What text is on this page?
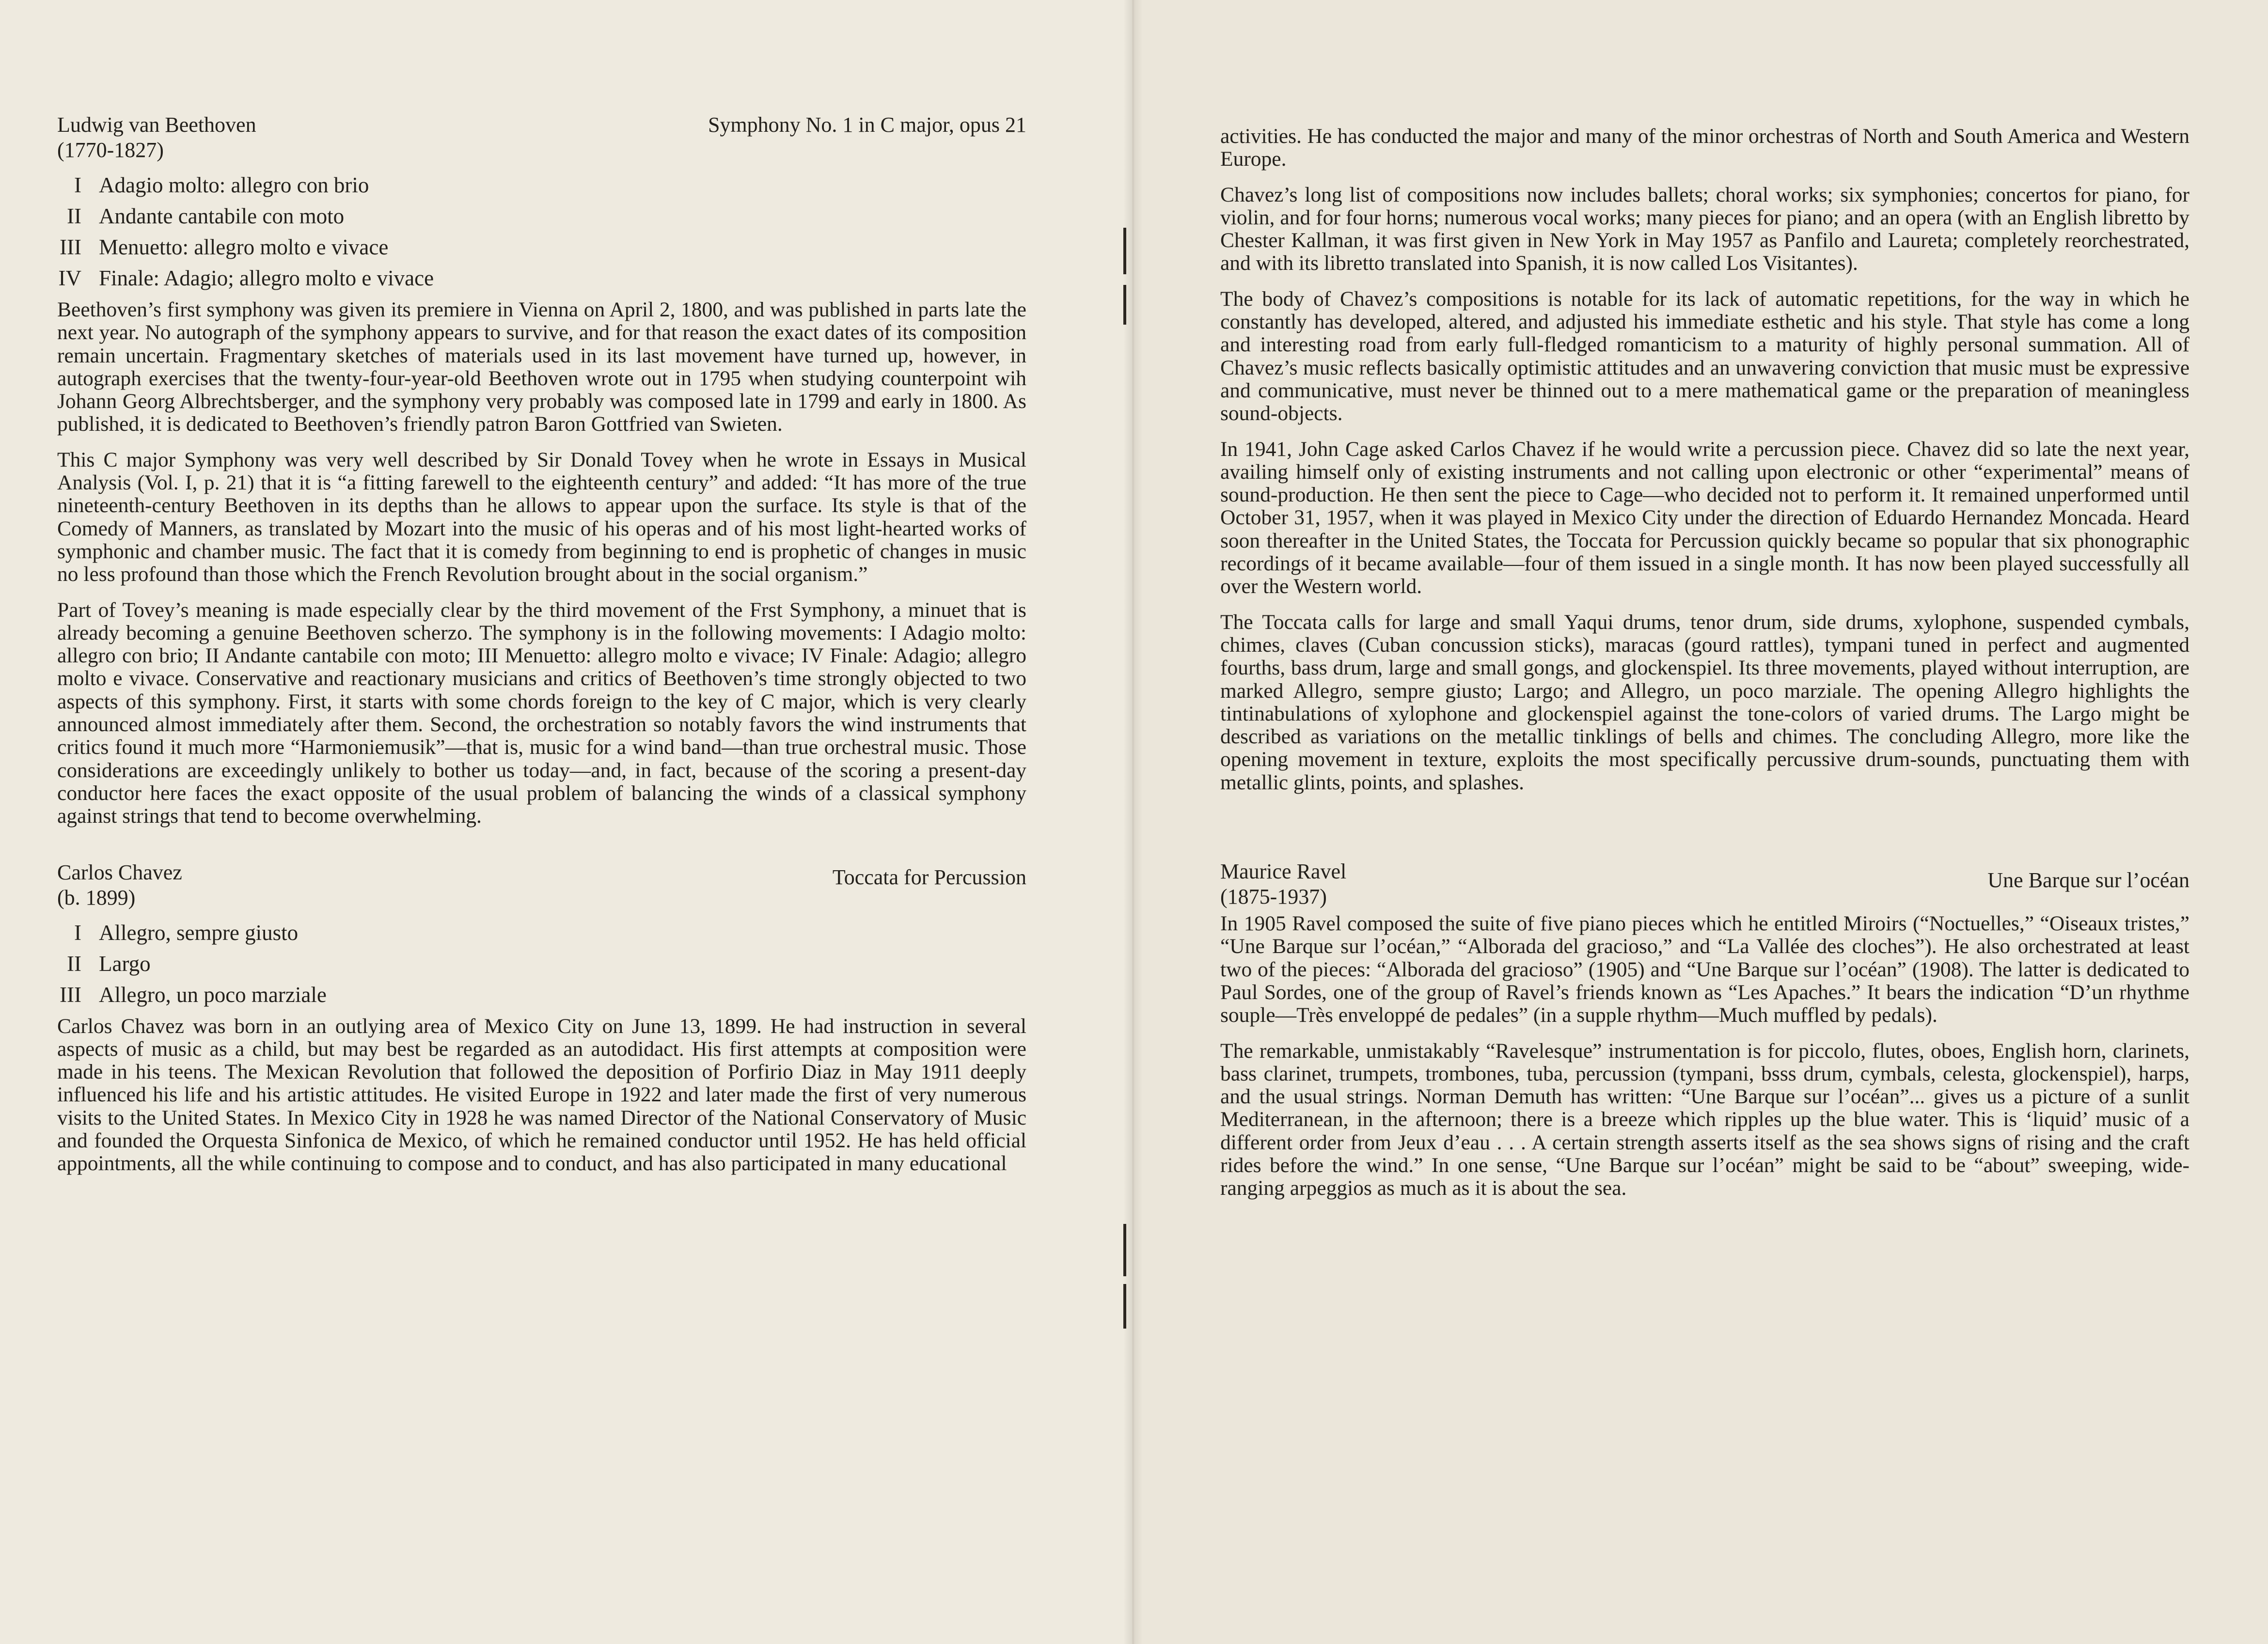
Ludwig van Beethoven
(1770-1827)
Symphony No. 1 in C major, opus 21
I Adagio molto: allegro con brio
II Andante cantabile con moto
III Menuetto: allegro molto e vivace
IV Finale: Adagio; allegro molto e vivace

Beethoven’s first symphony was given its premiere in Vienna on April 2, 1800, and was published in parts late the next year. No autograph of the symphony appears to survive, and for that reason the exact dates of its composition remain uncertain. Fragmentary sketches of materials used in its last movement have turned up, however, in autograph exercises that the twenty-four-year-old Beethoven wrote out in 1795 when studying counterpoint wih Johann Georg Albrechtsberger, and the symphony very probably was composed late in 1799 and early in 1800. As published, it is dedicated to Beethoven’s friendly patron Baron Gottfried van Swieten.

This C major Symphony was very well described by Sir Donald Tovey when he wrote in Essays in Musical Analysis (Vol. I, p. 21) that it is “a fitting farewell to the eighteenth century” and added: “It has more of the true nineteenth-century Beethoven in its depths than he allows to appear upon the surface. Its style is that of the Comedy of Manners, as translated by Mozart into the music of his operas and of his most light-hearted works of symphonic and chamber music. The fact that it is comedy from beginning to end is prophetic of changes in music no less profound than those which the French Revolution brought about in the social organism.”

Part of Tovey’s meaning is made especially clear by the third movement of the Frst Symphony, a minuet that is already becoming a genuine Beethoven scherzo. The symphony is in the following movements: I Adagio molto: allegro con brio; II Andante cantabile con moto; III Menuetto: allegro molto e vivace; IV Finale: Adagio; allegro molto e vivace. Conservative and reactionary musicians and critics of Beethoven’s time strongly objected to two aspects of this symphony. First, it starts with some chords foreign to the key of C major, which is very clearly announced almost immediately after them. Second, the orchestration so notably favors the wind instruments that critics found it much more “Harmoniemusik”—that is, music for a wind band—than true orchestral music. Those considerations are exceedingly unlikely to bother us today—and, in fact, because of the scoring a present-day conductor here faces the exact opposite of the usual problem of balancing the winds of a classical symphony against strings that tend to become overwhelming.

Carlos Chavez
(b. 1899)
Toccata for Percussion
I Allegro, sempre giusto
II Largo
III Allegro, un poco marziale

Carlos Chavez was born in an outlying area of Mexico City on June 13, 1899. He had instruction in several aspects of music as a child, but may best be regarded as an autodidact. His first attempts at composition were made in his teens. The Mexican Revolution that followed the deposition of Porfirio Diaz in May 1911 deeply influenced his life and his artistic attitudes. He visited Europe in 1922 and later made the first of very numerous visits to the United States. In Mexico City in 1928 he was named Director of the National Conservatory of Music and founded the Orquesta Sinfonica de Mexico, of which he remained conductor until 1952. He has held official appointments, all the while continuing to compose and to conduct, and has also participated in many educational

activities. He has conducted the major and many of the minor orchestras of North and South America and Western Europe.

Chavez’s long list of compositions now includes ballets; choral works; six symphonies; concertos for piano, for violin, and for four horns; numerous vocal works; many pieces for piano; and an opera (with an English libretto by Chester Kallman, it was first given in New York in May 1957 as Panfilo and Laureta; completely reorchestrated, and with its libretto translated into Spanish, it is now called Los Visitantes).

The body of Chavez’s compositions is notable for its lack of automatic repetitions, for the way in which he constantly has developed, altered, and adjusted his immediate esthetic and his style. That style has come a long and interesting road from early full-fledged romanticism to a maturity of highly personal summation. All of Chavez’s music reflects basically optimistic attitudes and an unwavering conviction that music must be expressive and communicative, must never be thinned out to a mere mathematical game or the preparation of meaningless sound-objects.

In 1941, John Cage asked Carlos Chavez if he would write a percussion piece. Chavez did so late the next year, availing himself only of existing instruments and not calling upon electronic or other “experimental” means of sound-production. He then sent the piece to Cage—who decided not to perform it. It remained unperformed until October 31, 1957, when it was played in Mexico City under the direction of Eduardo Hernandez Moncada. Heard soon thereafter in the United States, the Toccata for Percussion quickly became so popular that six phonographic recordings of it became available—four of them issued in a single month. It has now been played successfully all over the Western world.

The Toccata calls for large and small Yaqui drums, tenor drum, side drums, xylophone, suspended cymbals, chimes, claves (Cuban concussion sticks), maracas (gourd rattles), tympani tuned in perfect and augmented fourths, bass drum, large and small gongs, and glockenspiel. Its three movements, played without interruption, are marked Allegro, sempre giusto; Largo; and Allegro, un poco marziale. The opening Allegro highlights the tintinabulations of xylophone and glockenspiel against the tone-colors of varied drums. The Largo might be described as variations on the metallic tinklings of bells and chimes. The concluding Allegro, more like the opening movement in texture, exploits the most specifically percussive drum-sounds, punctuating them with metallic glints, points, and splashes.

Maurice Ravel
(1875-1937)
Une Barque sur l’océan

In 1905 Ravel composed the suite of five piano pieces which he entitled Miroirs (“Noctuelles,” “Oiseaux tristes,” “Une Barque sur l’océan,” “Alborada del gracioso,” and “La Vallée des cloches”). He also orchestrated at least two of the pieces: “Alborada del gracioso” (1905) and “Une Barque sur l’océan” (1908). The latter is dedicated to Paul Sordes, one of the group of Ravel’s friends known as “Les Apaches.” It bears the indication “D’un rhythme souple—Très enveloppé de pedales” (in a supple rhythm—Much muffled by pedals).

The remarkable, unmistakably “Ravelesque” instrumentation is for piccolo, flutes, oboes, English horn, clarinets, bass clarinet, trumpets, trombones, tuba, percussion (tympani, bsss drum, cymbals, celesta, glockenspiel), harps, and the usual strings. Norman Demuth has written: “Une Barque sur l’océan”... gives us a picture of a sunlit Mediterranean, in the afternoon; there is a breeze which ripples up the blue water. This is ‘liquid’ music of a different order from Jeux d’eau . . . A certain strength asserts itself as the sea shows signs of rising and the craft rides before the wind.” In one sense, “Une Barque sur l’océan” might be said to be “about” sweeping, wide-ranging arpeggios as much as it is about the sea.
